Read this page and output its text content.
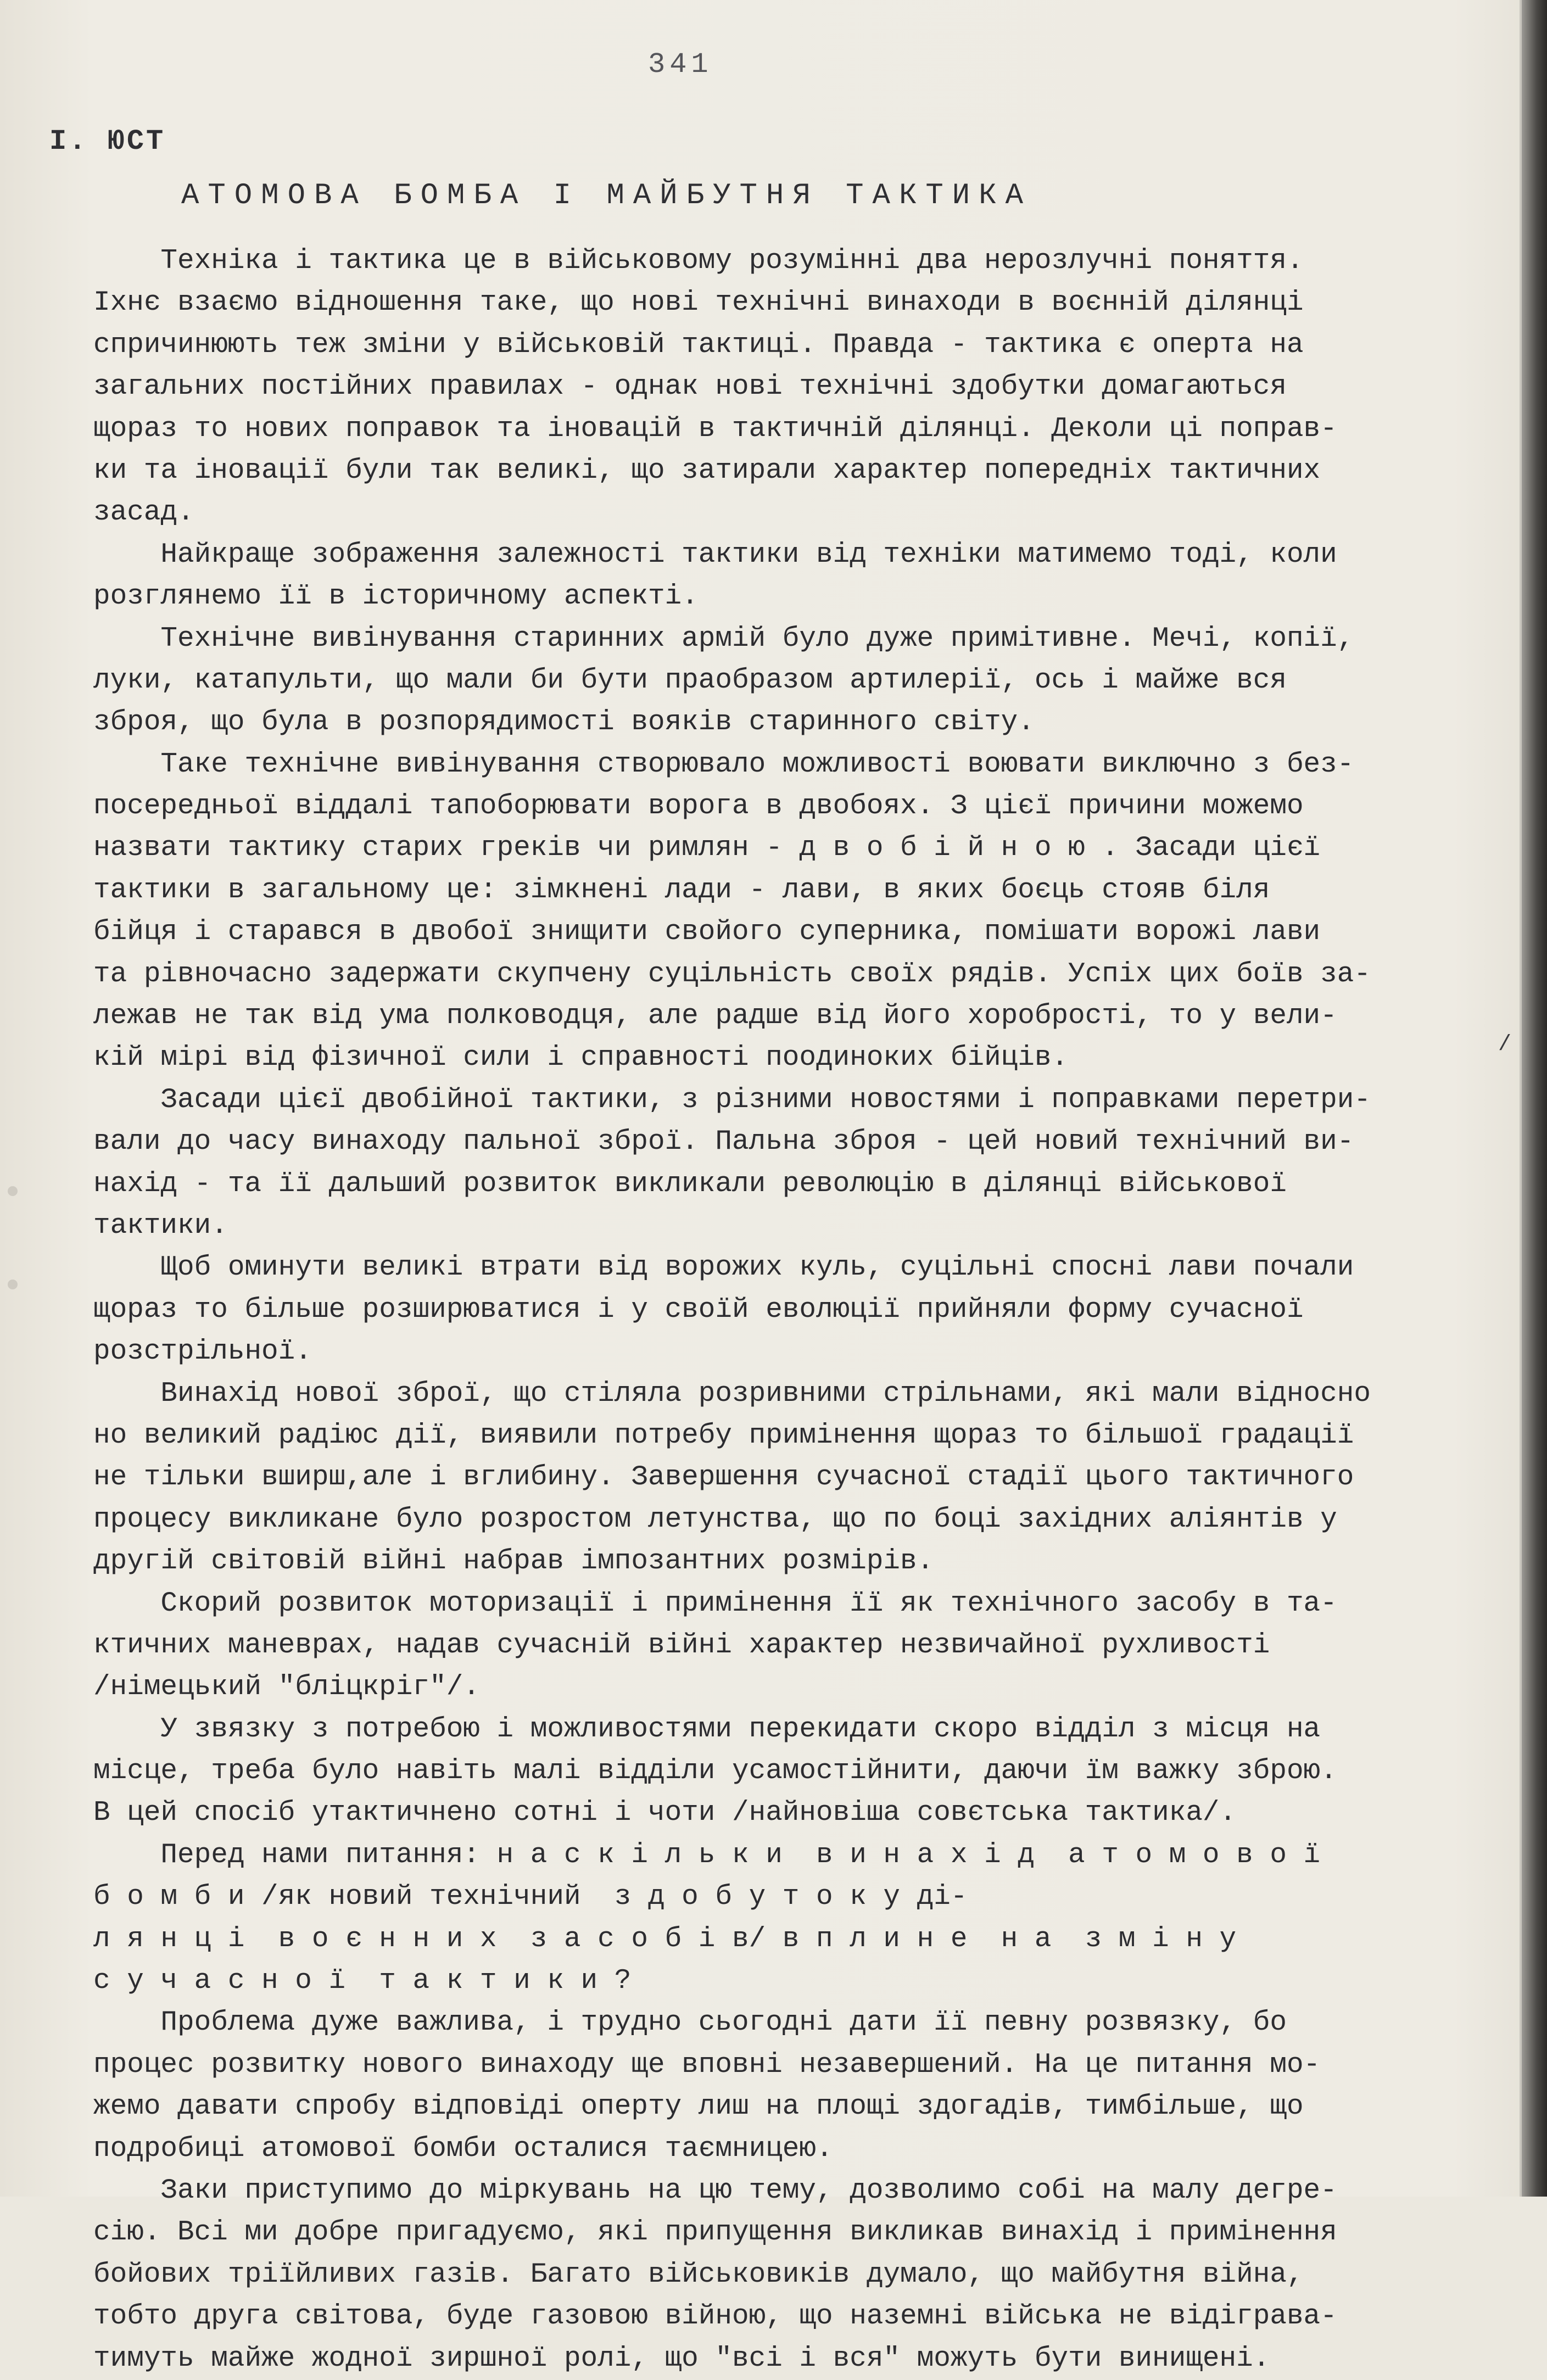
341
I. ЮСТ
АТОМОВА БОМБА І МАЙБУТНЯ ТАКТИКА
Техніка і тактика це в військовому розумінні два нерозлучні поняття.
Іхнє взаємо відношення таке, що нові технічні винаходи в воєнній ділянці
спричинюють теж зміни у військовій тактиці. Правда - тактика є оперта на
загальних постійних правилах - однак нові технічні здобутки домагаються
щораз то нових поправок та іновацій в тактичній ділянці. Деколи ці поправ-
ки та іновації були так великі, що затирали характер попередніх тактичних
засад.
Найкраще зображення залежності тактики від техніки матимемо тоді, коли
розглянемо її в історичному аспекті.
Технічне вивінування старинних армій було дуже примітивне. Мечі, копії,
луки, катапульти, що мали би бути праобразом артилерії, ось і майже вся
зброя, що була в розпорядимості вояків старинного світу.
Таке технічне вивінування створювало можливості воювати виключно з без-
посередньої віддалі тапоборювати ворога в двобоях. З цієї причини можемо
назвати тактику старих греків чи римлян - д в о б і й н о ю . Засади цієї
тактики в загальному це: зімкнені лади - лави, в яких боєць стояв біля
бійця і старався в двобої знищити свойого суперника, помішати ворожі лави
та рівночасно задержати скупчену суцільність своїх рядів. Успіх цих боїв за-
лежав не так від ума полководця, але радше від його хоробрості, то у вели-
кій мірі від фізичної сили і справності поодиноких бійців.
Засади цієї двобійної тактики, з різними новостями і поправками перетри-
вали до часу винаходу пальної зброї. Пальна зброя - цей новий технічний ви-
нахід - та її дальший розвиток викликали революцію в ділянці військової
тактики.
Щоб оминути великі втрати від ворожих куль, суцільні спосні лави почали
щораз то більше розширюватися і у своїй еволюції прийняли форму сучасної
розстрільної.
Винахід нової зброї, що стіляла розривними стрільнами, які мали відносно
но великий радіюс дії, виявили потребу примінення щораз то більшої градації
не тільки вширш,але і вглибину. Завершення сучасної стадії цього тактичного
процесу викликане було розростом летунства, що по боці західних аліянтів у
другій світовій війні набрав імпозантних розмірів.
Скорий розвиток моторизації і примінення її як технічного засобу в та-
ктичних маневрах, надав сучасній війні характер незвичайної рухливості
/німецький "бліцкріг"/.
У звязку з потребою і можливостями перекидати скоро відділ з місця на
місце, треба було навіть малі відділи усамостійнити, даючи їм важку зброю.
В цей спосіб утактичнено сотні і чоти /найновіша совєтська тактика/.
Перед нами питання: н а с к і л ь к и  в и н а х і д  а т о м о в о ї
б о м б и /як новий технічний  з д о б у т о к у ді-
л я н ц і  в о є н н и х  з а с о б і в/ в п л и н е  н а  з м і н у
с у ч а с н о ї  т а к т и к и ?
Проблема дуже важлива, і трудно сьогодні дати її певну розвязку, бо
процес розвитку нового винаходу ще вповні незавершений. На це питання мо-
жемо давати спробу відповіді оперту лиш на площі здогадів, тимбільше, що
подробиці атомової бомби осталися таємницею.
Заки приступимо до міркувань на цю тему, дозволимо собі на малу дегре-
сію. Всі ми добре пригадуємо, які припущення викликав винахід і примінення
бойових тріїйливих газів. Багато військовиків думало, що майбутня війна,
тобто друга світова, буде газовою війною, що наземні війська не відіграва-
тимуть майже жодної зиршної ролі, що "всі і вся" можуть бути винищені.
/
